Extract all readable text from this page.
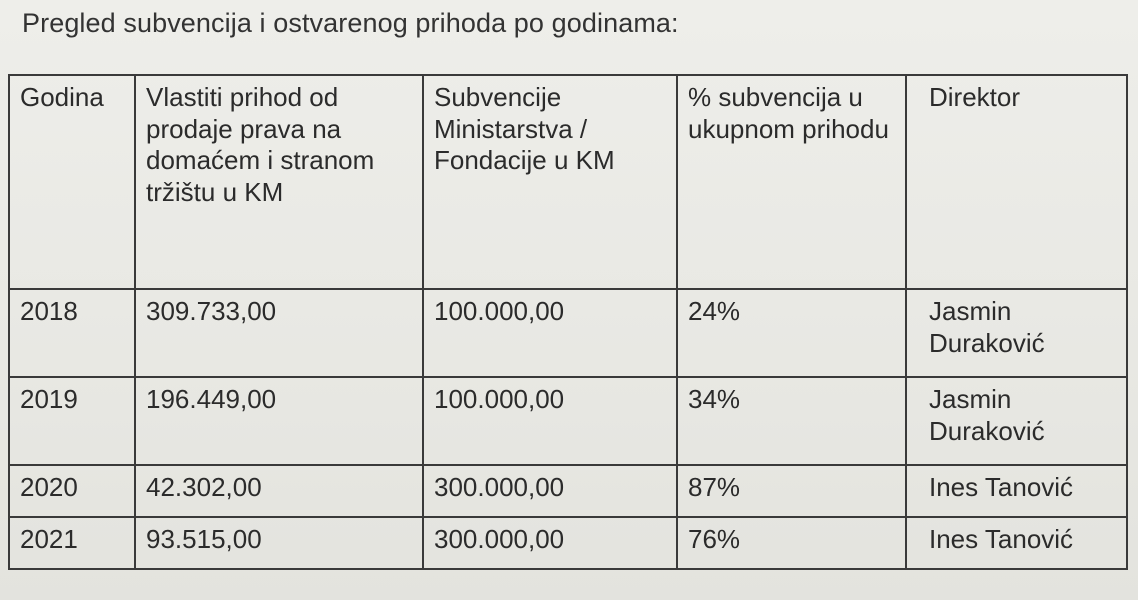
Pregled subvencija i ostvarenog prihoda po godinama:
Godina	Vlastiti prihod od prodaje prava na domaćem i stranom tržištu u KM	Subvencije Ministarstva / Fondacije u KM	% subvencija u ukupnom prihodu	Direktor

2018	309.733,00	100.000,00	24%	Jasmin Duraković

2019	196.449,00	100.000,00	34%	Jasmin Duraković

2020	42.302,00	300.000,00	87%	Ines Tanović

2021	93.515,00	300.000,00	76%	Ines Tanović
